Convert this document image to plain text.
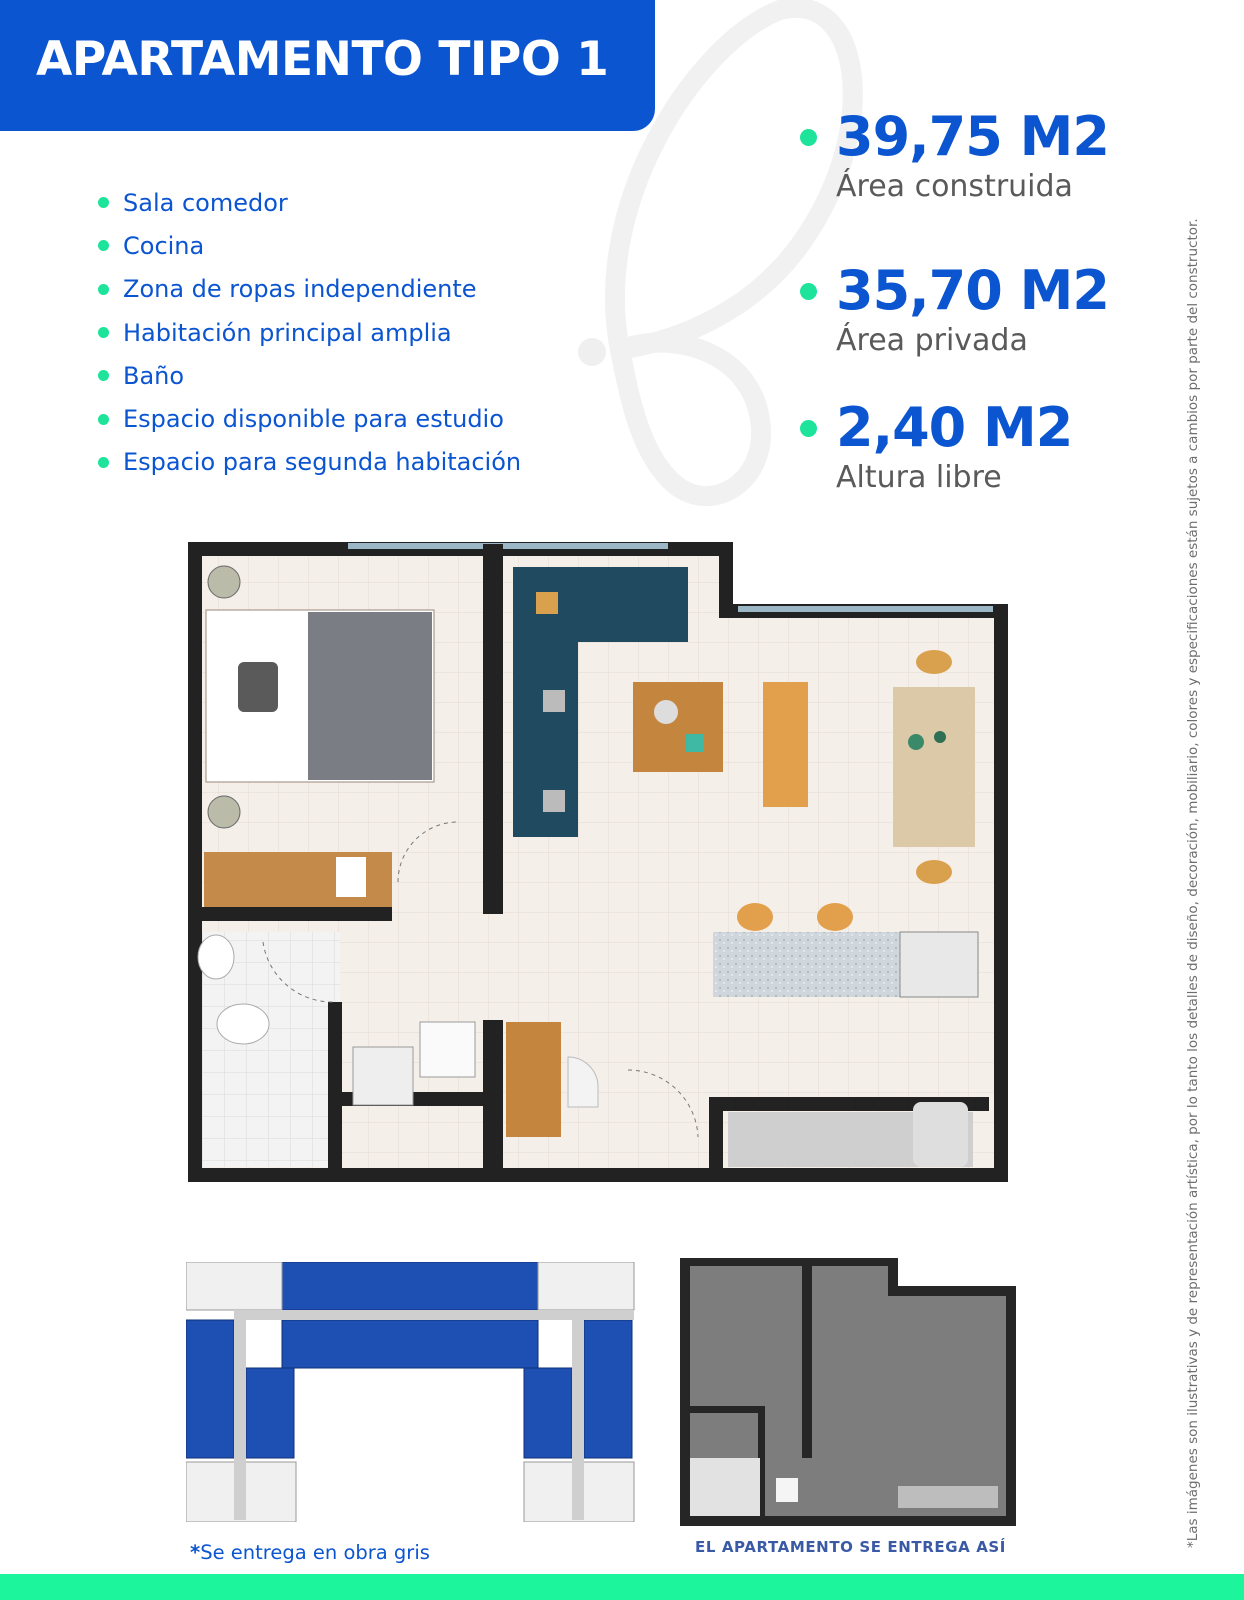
APARTAMENTO TIPO 1
Sala comedor
Cocina
Zona de ropas independiente
Habitación principal amplia
Baño
Espacio disponible para estudio
Espacio para segunda habitación
39,75 M2
Área construida
35,70 M2
Área privada
2,40 M2
Altura libre	*Las imágenes son ilustrativas y de representación artística, por lo tanto los detalles de diseño, decoración, mobiliario, colores y especificaciones están sujetos a cambios por parte del constructor.
*Se entrega en obra gris	EL APARTAMENTO SE ENTREGA ASÍ
